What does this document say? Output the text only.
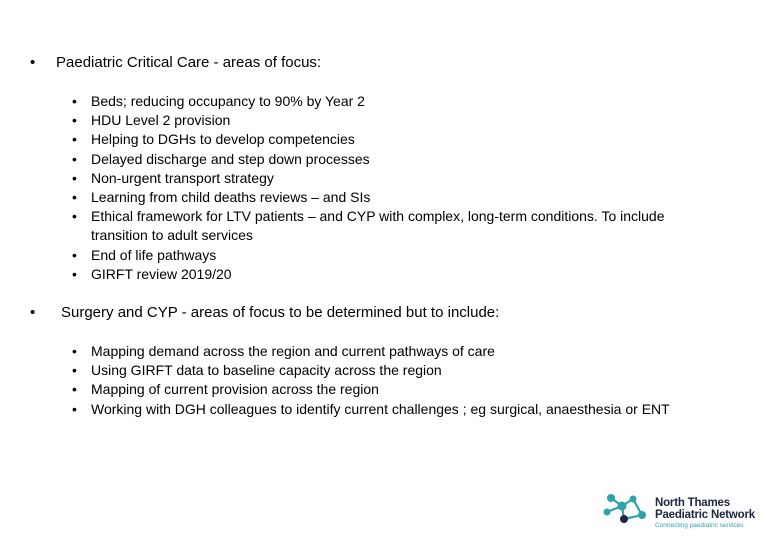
• Paediatric Critical Care - areas of focus:
• Beds; reducing occupancy to 90% by Year 2
• HDU Level 2 provision
• Helping to DGHs to develop competencies
• Delayed discharge and step down processes
• Non-urgent transport strategy
• Learning from child deaths reviews – and SIs
• Ethical framework for LTV patients – and CYP with complex, long-term conditions. To include transition to adult services
• End of life pathways
• GIRFT review 2019/20
• Surgery and CYP - areas of focus to be determined but to include:
• Mapping demand across the region and current pathways of care
• Using GIRFT data to baseline capacity across the region
• Mapping of current provision across the region
• Working with DGH colleagues to identify current challenges ; eg surgical, anaesthesia or ENT
North Thames
Paediatric Network
Connecting paediatric services
